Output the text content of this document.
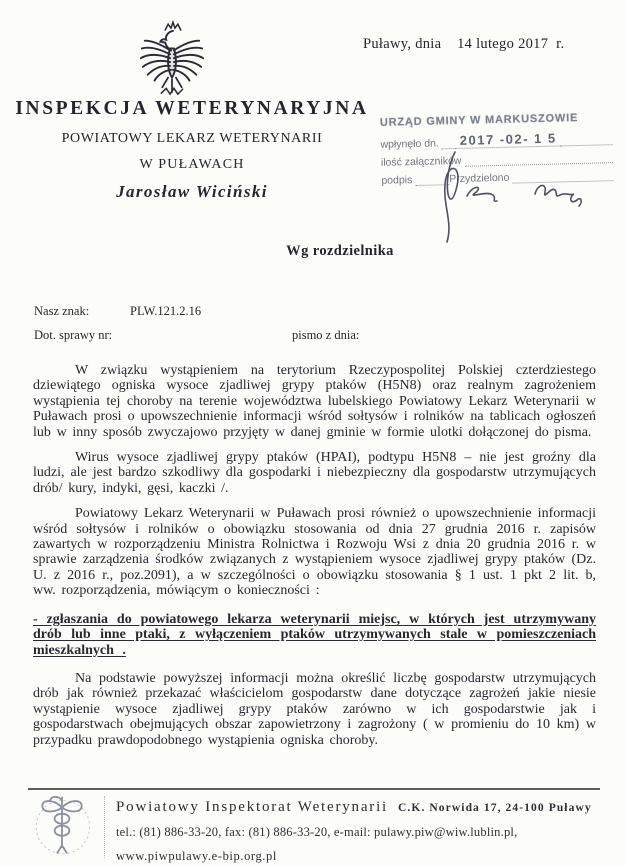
Puławy, dnia    14 lutego 2017  r.
INSPEKCJA WETERYNARYJNA
POWIATOWY LEKARZ WETERYNARII
W PUŁAWACH
Jarosław Wiciński
URZĄD GMINY W MARKUSZOWIE
wpłynęło dn.	2017 -02- 1 5
ilość załączników
podpis	Przydzielono
Wg rozdzielnika
Nasz znak:	PLW.121.2.16
Dot. sprawy nr:	pismo z dnia:

W związku wystąpieniem na terytorium Rzeczypospolitej Polskiej czterdziestego dziewiątego ogniska wysoce zjadliwej grypy ptaków (H5N8) oraz realnym zagrożeniem wystąpienia tej choroby na terenie województwa lubelskiego Powiatowy Lekarz Weterynarii w Puławach prosi o upowszechnienie informacji wśród sołtysów i rolników na tablicach ogłoszeń lub w inny sposób zwyczajowo przyjęty w danej gminie w formie ulotki dołączonej do pisma.

Wirus wysoce zjadliwej grypy ptaków (HPAI), podtypu H5N8 – nie jest groźny dla ludzi, ale jest bardzo szkodliwy dla gospodarki i niebezpieczny dla gospodarstw utrzymujących drób/ kury, indyki, gęsi, kaczki /.

Powiatowy Lekarz Weterynarii w Puławach prosi również o upowszechnienie informacji wśród sołtysów i rolników o obowiązku stosowania od dnia 27 grudnia 2016 r. zapisów zawartych w rozporządzeniu Ministra Rolnictwa i Rozwoju Wsi z dnia 20 grudnia 2016 r. w sprawie zarządzenia środków związanych z wystąpieniem wysoce zjadliwej grypy ptaków (Dz. U. z 2016 r., poz.2091), a w szczególności o obowiązku stosowania § 1 ust. 1 pkt 2 lit. b, ww. rozporządzenia, mówiącym o konieczności :

- zgłaszania do powiatowego lekarza weterynarii miejsc, w których jest utrzymywany drób lub inne ptaki, z wyłączeniem ptaków utrzymywanych stale w pomieszczeniach mieszkalnych .

Na podstawie powyższej informacji można określić liczbę gospodarstw utrzymujących drób jak również przekazać właścicielom gospodarstw dane dotyczące zagrożeń jakie niesie wystąpienie wysoce zjadliwej grypy ptaków zarówno w ich gospodarstwie jak i gospodarstwach obejmujących obszar zapowietrzony i zagrożony ( w promieniu do 10 km) w przypadku prawdopodobnego wystąpienia ogniska choroby.

Powiatowy Inspektorat Weterynarii C.K. Norwida 17, 24-100 Puławy
tel.: (81) 886-33-20, fax: (81) 886-33-20, e-mail: pulawy.piw@wiw.lublin.pl,
www.piwpulawy.e-bip.org.pl
